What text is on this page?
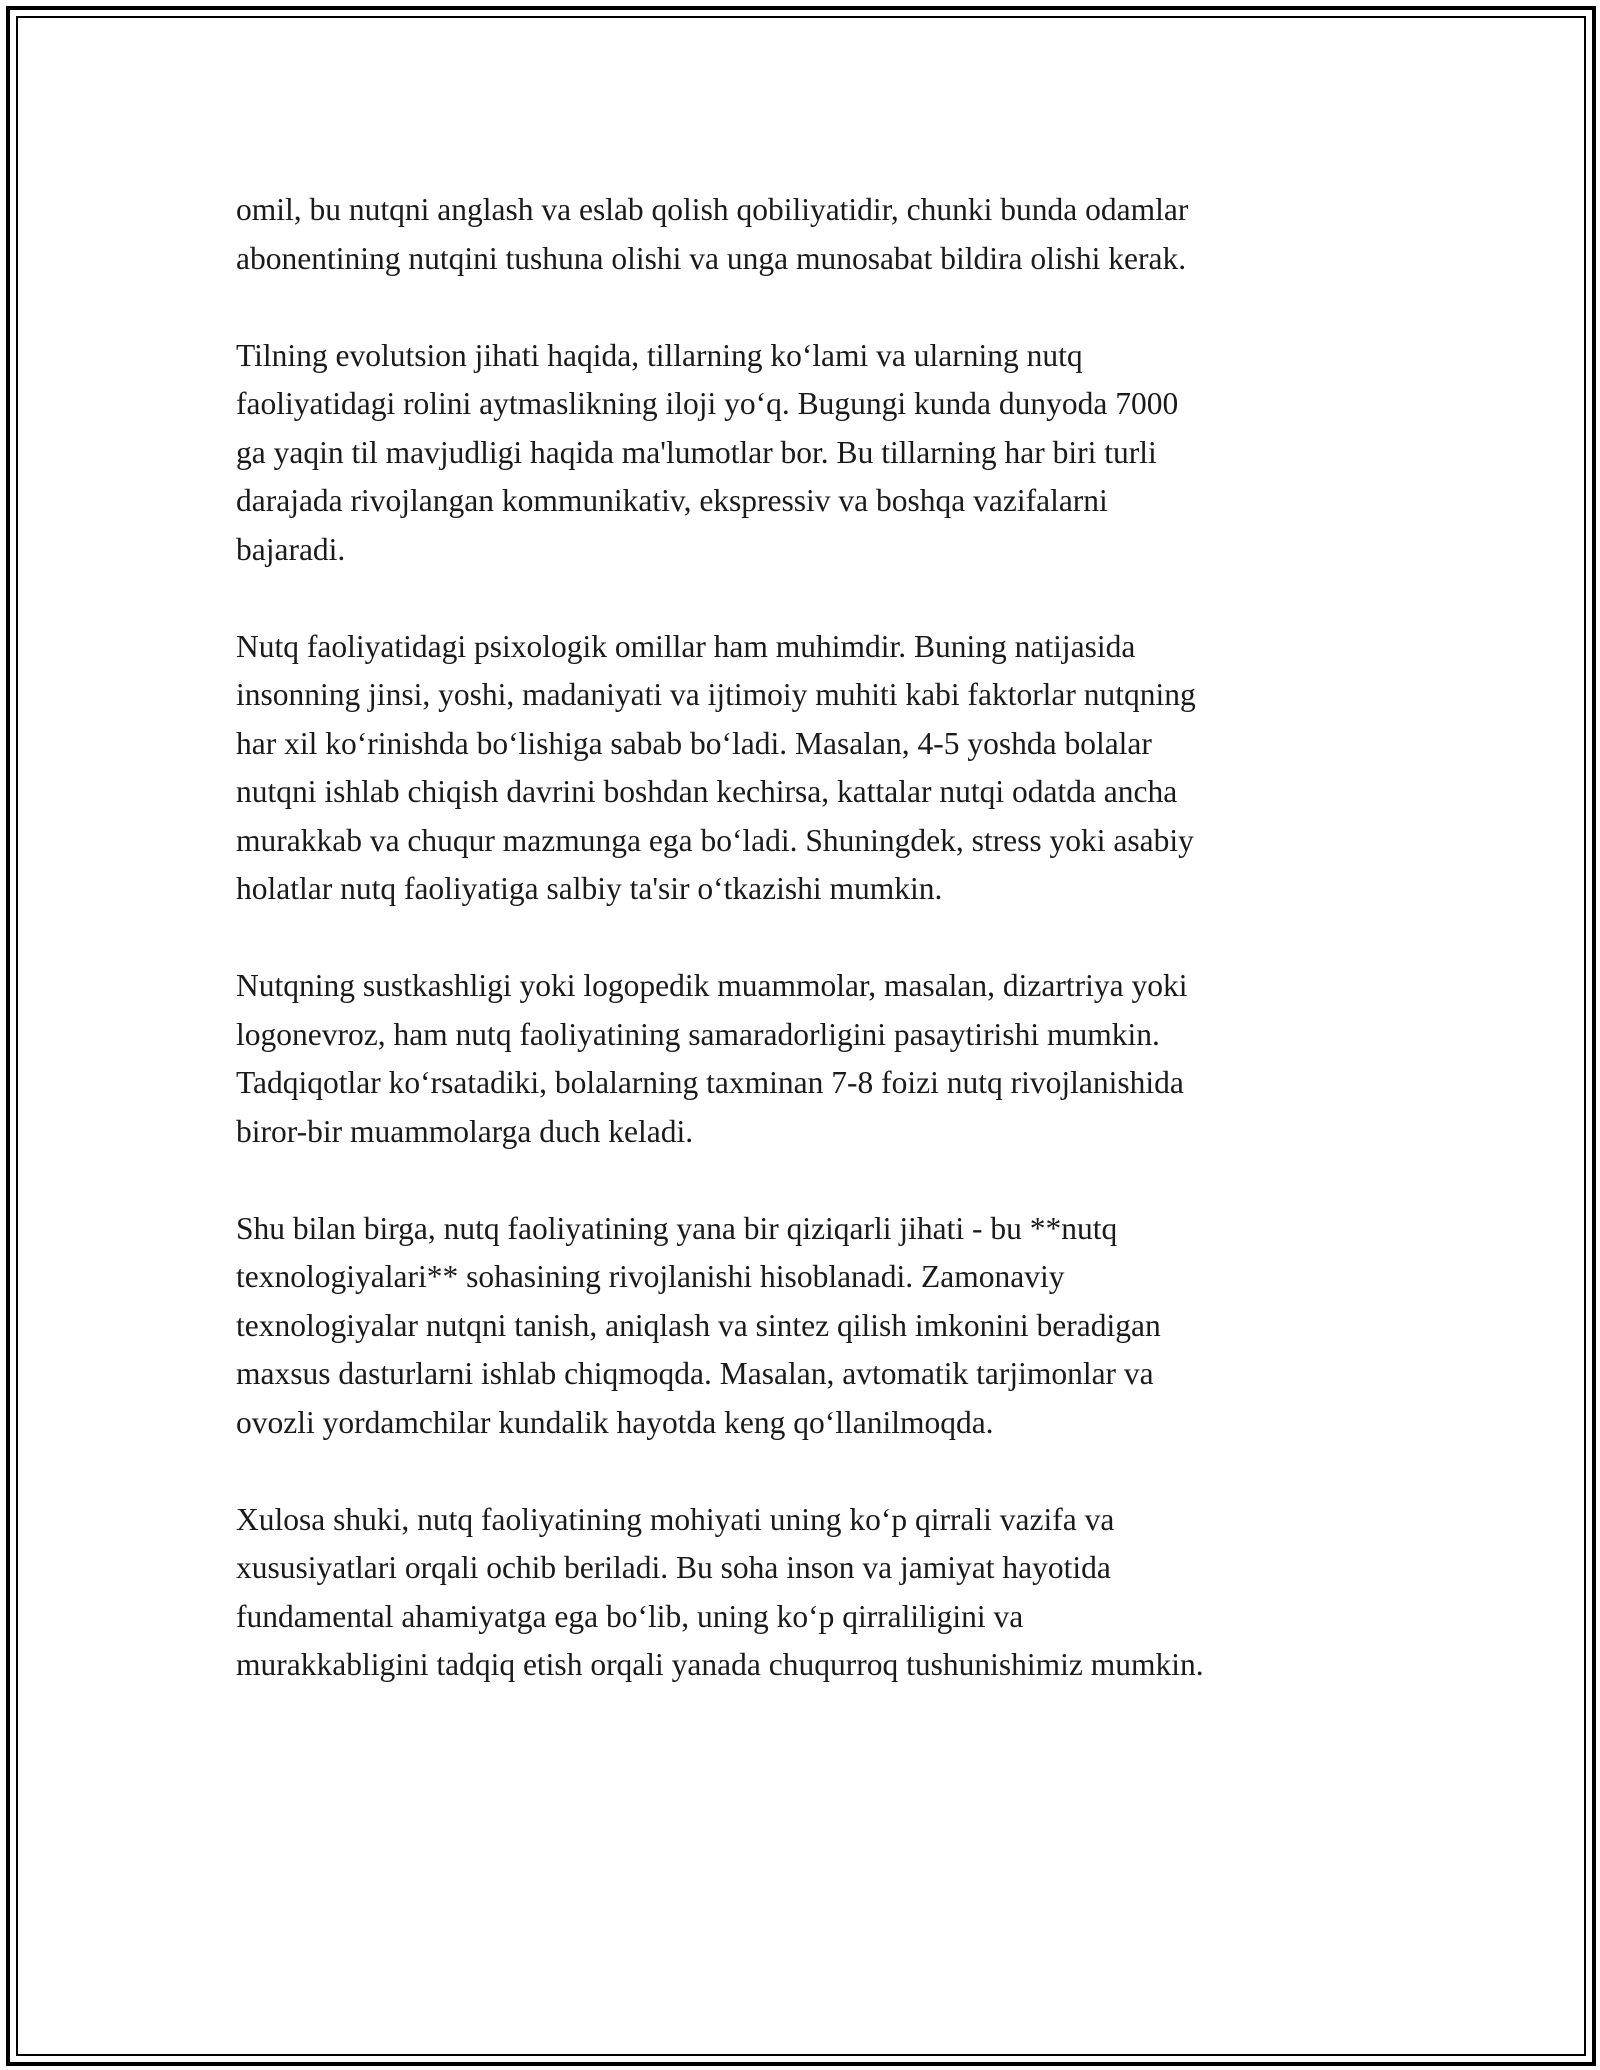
omil, bu nutqni anglash va eslab qolish qobiliyatidir, chunki bunda odamlar
abonentining nutqini tushuna olishi va unga munosabat bildira olishi kerak.

Tilning evolutsion jihati haqida, tillarning ko‘lami va ularning nutq
faoliyatidagi rolini aytmaslikning iloji yo‘q. Bugungi kunda dunyoda 7000
ga yaqin til mavjudligi haqida ma'lumotlar bor. Bu tillarning har biri turli
darajada rivojlangan kommunikativ, ekspressiv va boshqa vazifalarni
bajaradi.

Nutq faoliyatidagi psixologik omillar ham muhimdir. Buning natijasida
insonning jinsi, yoshi, madaniyati va ijtimoiy muhiti kabi faktorlar nutqning
har xil ko‘rinishda bo‘lishiga sabab bo‘ladi. Masalan, 4-5 yoshda bolalar
nutqni ishlab chiqish davrini boshdan kechirsa, kattalar nutqi odatda ancha
murakkab va chuqur mazmunga ega bo‘ladi. Shuningdek, stress yoki asabiy
holatlar nutq faoliyatiga salbiy ta'sir o‘tkazishi mumkin.

Nutqning sustkashligi yoki logopedik muammolar, masalan, dizartriya yoki
logonevroz, ham nutq faoliyatining samaradorligini pasaytirishi mumkin.
Tadqiqotlar ko‘rsatadiki, bolalarning taxminan 7-8 foizi nutq rivojlanishida
biror-bir muammolarga duch keladi.

Shu bilan birga, nutq faoliyatining yana bir qiziqarli jihati - bu **nutq
texnologiyalari** sohasining rivojlanishi hisoblanadi. Zamonaviy
texnologiyalar nutqni tanish, aniqlash va sintez qilish imkonini beradigan
maxsus dasturlarni ishlab chiqmoqda. Masalan, avtomatik tarjimonlar va
ovozli yordamchilar kundalik hayotda keng qo‘llanilmoqda.

Xulosa shuki, nutq faoliyatining mohiyati uning ko‘p qirrali vazifa va
xususiyatlari orqali ochib beriladi. Bu soha inson va jamiyat hayotida
fundamental ahamiyatga ega bo‘lib, uning ko‘p qirraliligini va
murakkabligini tadqiq etish orqali yanada chuqurroq tushunishimiz mumkin.
